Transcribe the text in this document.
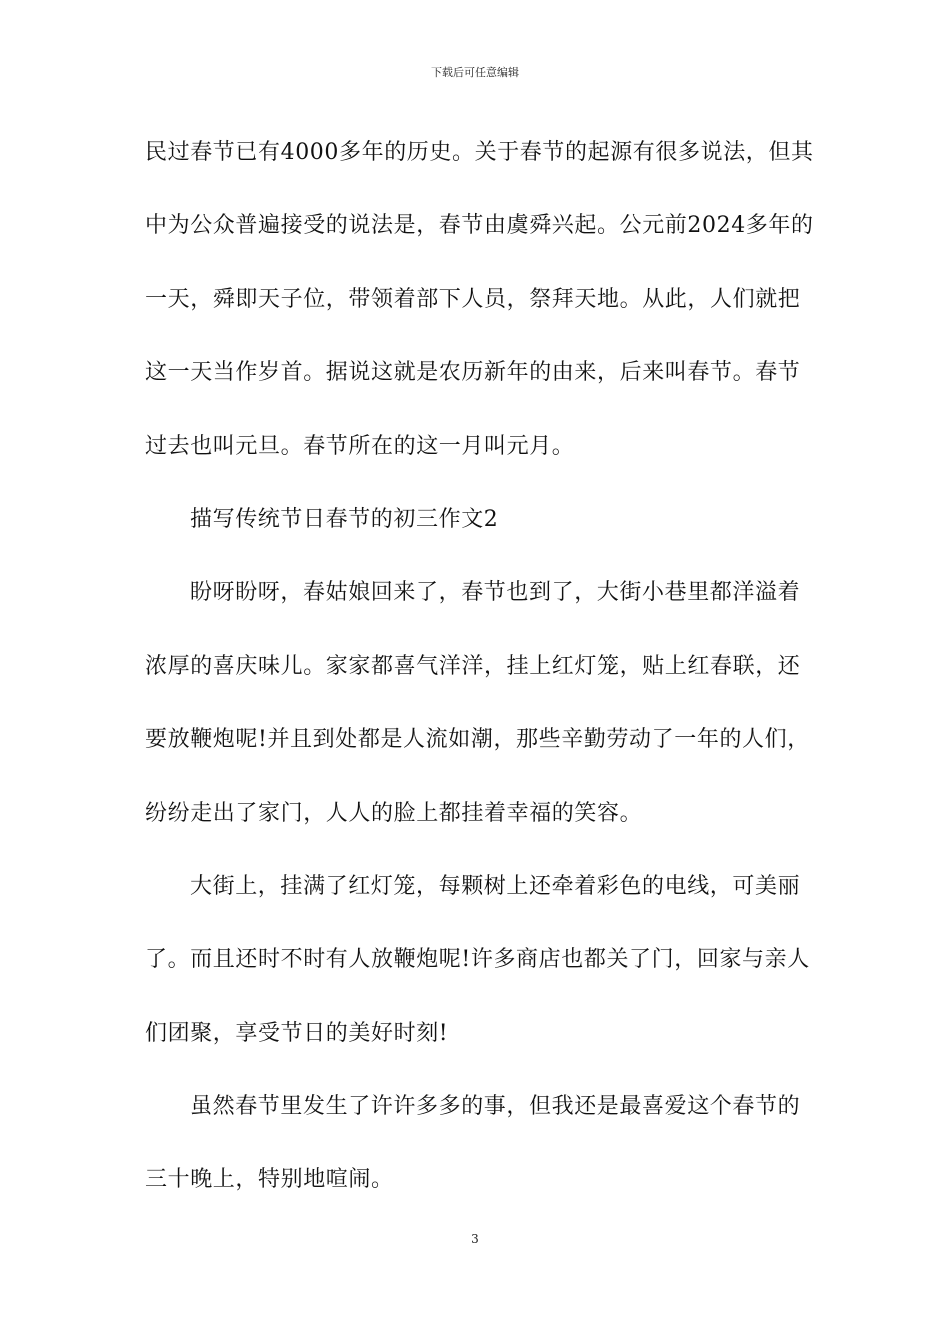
下载后可任意编辑
民过春节已有4000多年的历史。关于春节的起源有很多说法，但其
中为公众普遍接受的说法是，春节由虞舜兴起。公元前2024多年的
一天，舜即天子位，带领着部下人员，祭拜天地。从此，人们就把
这一天当作岁首。据说这就是农历新年的由来，后来叫春节。春节
过去也叫元旦。春节所在的这一月叫元月。
描写传统节日春节的初三作文2
盼呀盼呀，春姑娘回来了，春节也到了，大街小巷里都洋溢着
浓厚的喜庆味儿。家家都喜气洋洋，挂上红灯笼，贴上红春联，还
要放鞭炮呢!并且到处都是人流如潮，那些辛勤劳动了一年的人们，
纷纷走出了家门，人人的脸上都挂着幸福的笑容。
大街上，挂满了红灯笼，每颗树上还牵着彩色的电线，可美丽
了。而且还时不时有人放鞭炮呢!许多商店也都关了门，回家与亲人
们团聚，享受节日的美好时刻!
虽然春节里发生了许许多多的事，但我还是最喜爱这个春节的
三十晚上，特别地喧闹。
3
